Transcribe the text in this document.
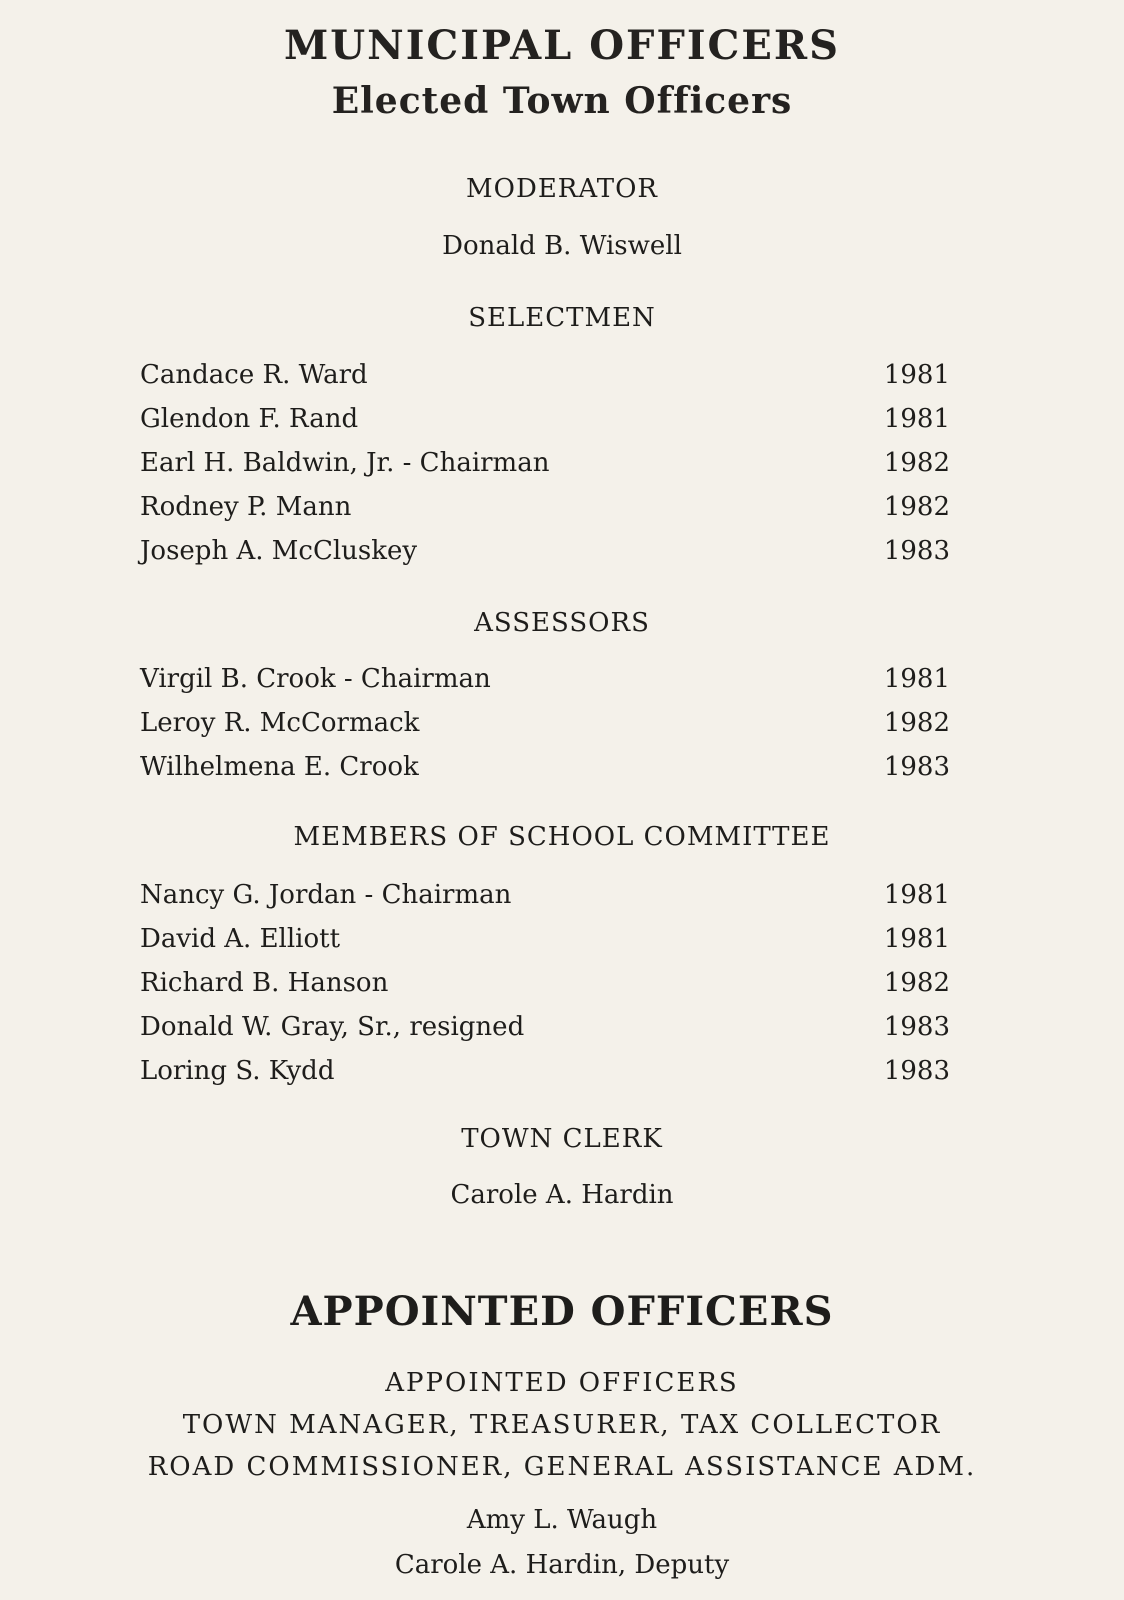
MUNICIPAL OFFICERS
Elected Town Officers
MODERATOR
Donald B. Wiswell
SELECTMEN
Candace R. Ward	1981
Glendon F. Rand	1981
Earl H. Baldwin, Jr. - Chairman	1982
Rodney P. Mann	1982
Joseph A. McCluskey	1983
ASSESSORS
Virgil B. Crook - Chairman	1981
Leroy R. McCormack	1982
Wilhelmena E. Crook	1983
MEMBERS OF SCHOOL COMMITTEE
Nancy G. Jordan - Chairman	1981
David A. Elliott	1981
Richard B. Hanson	1982
Donald W. Gray, Sr., resigned	1983
Loring S. Kydd	1983
TOWN CLERK
Carole A. Hardin
APPOINTED OFFICERS
APPOINTED OFFICERS
TOWN MANAGER, TREASURER, TAX COLLECTOR
ROAD COMMISSIONER, GENERAL ASSISTANCE ADM.
Amy L. Waugh
Carole A. Hardin, Deputy
